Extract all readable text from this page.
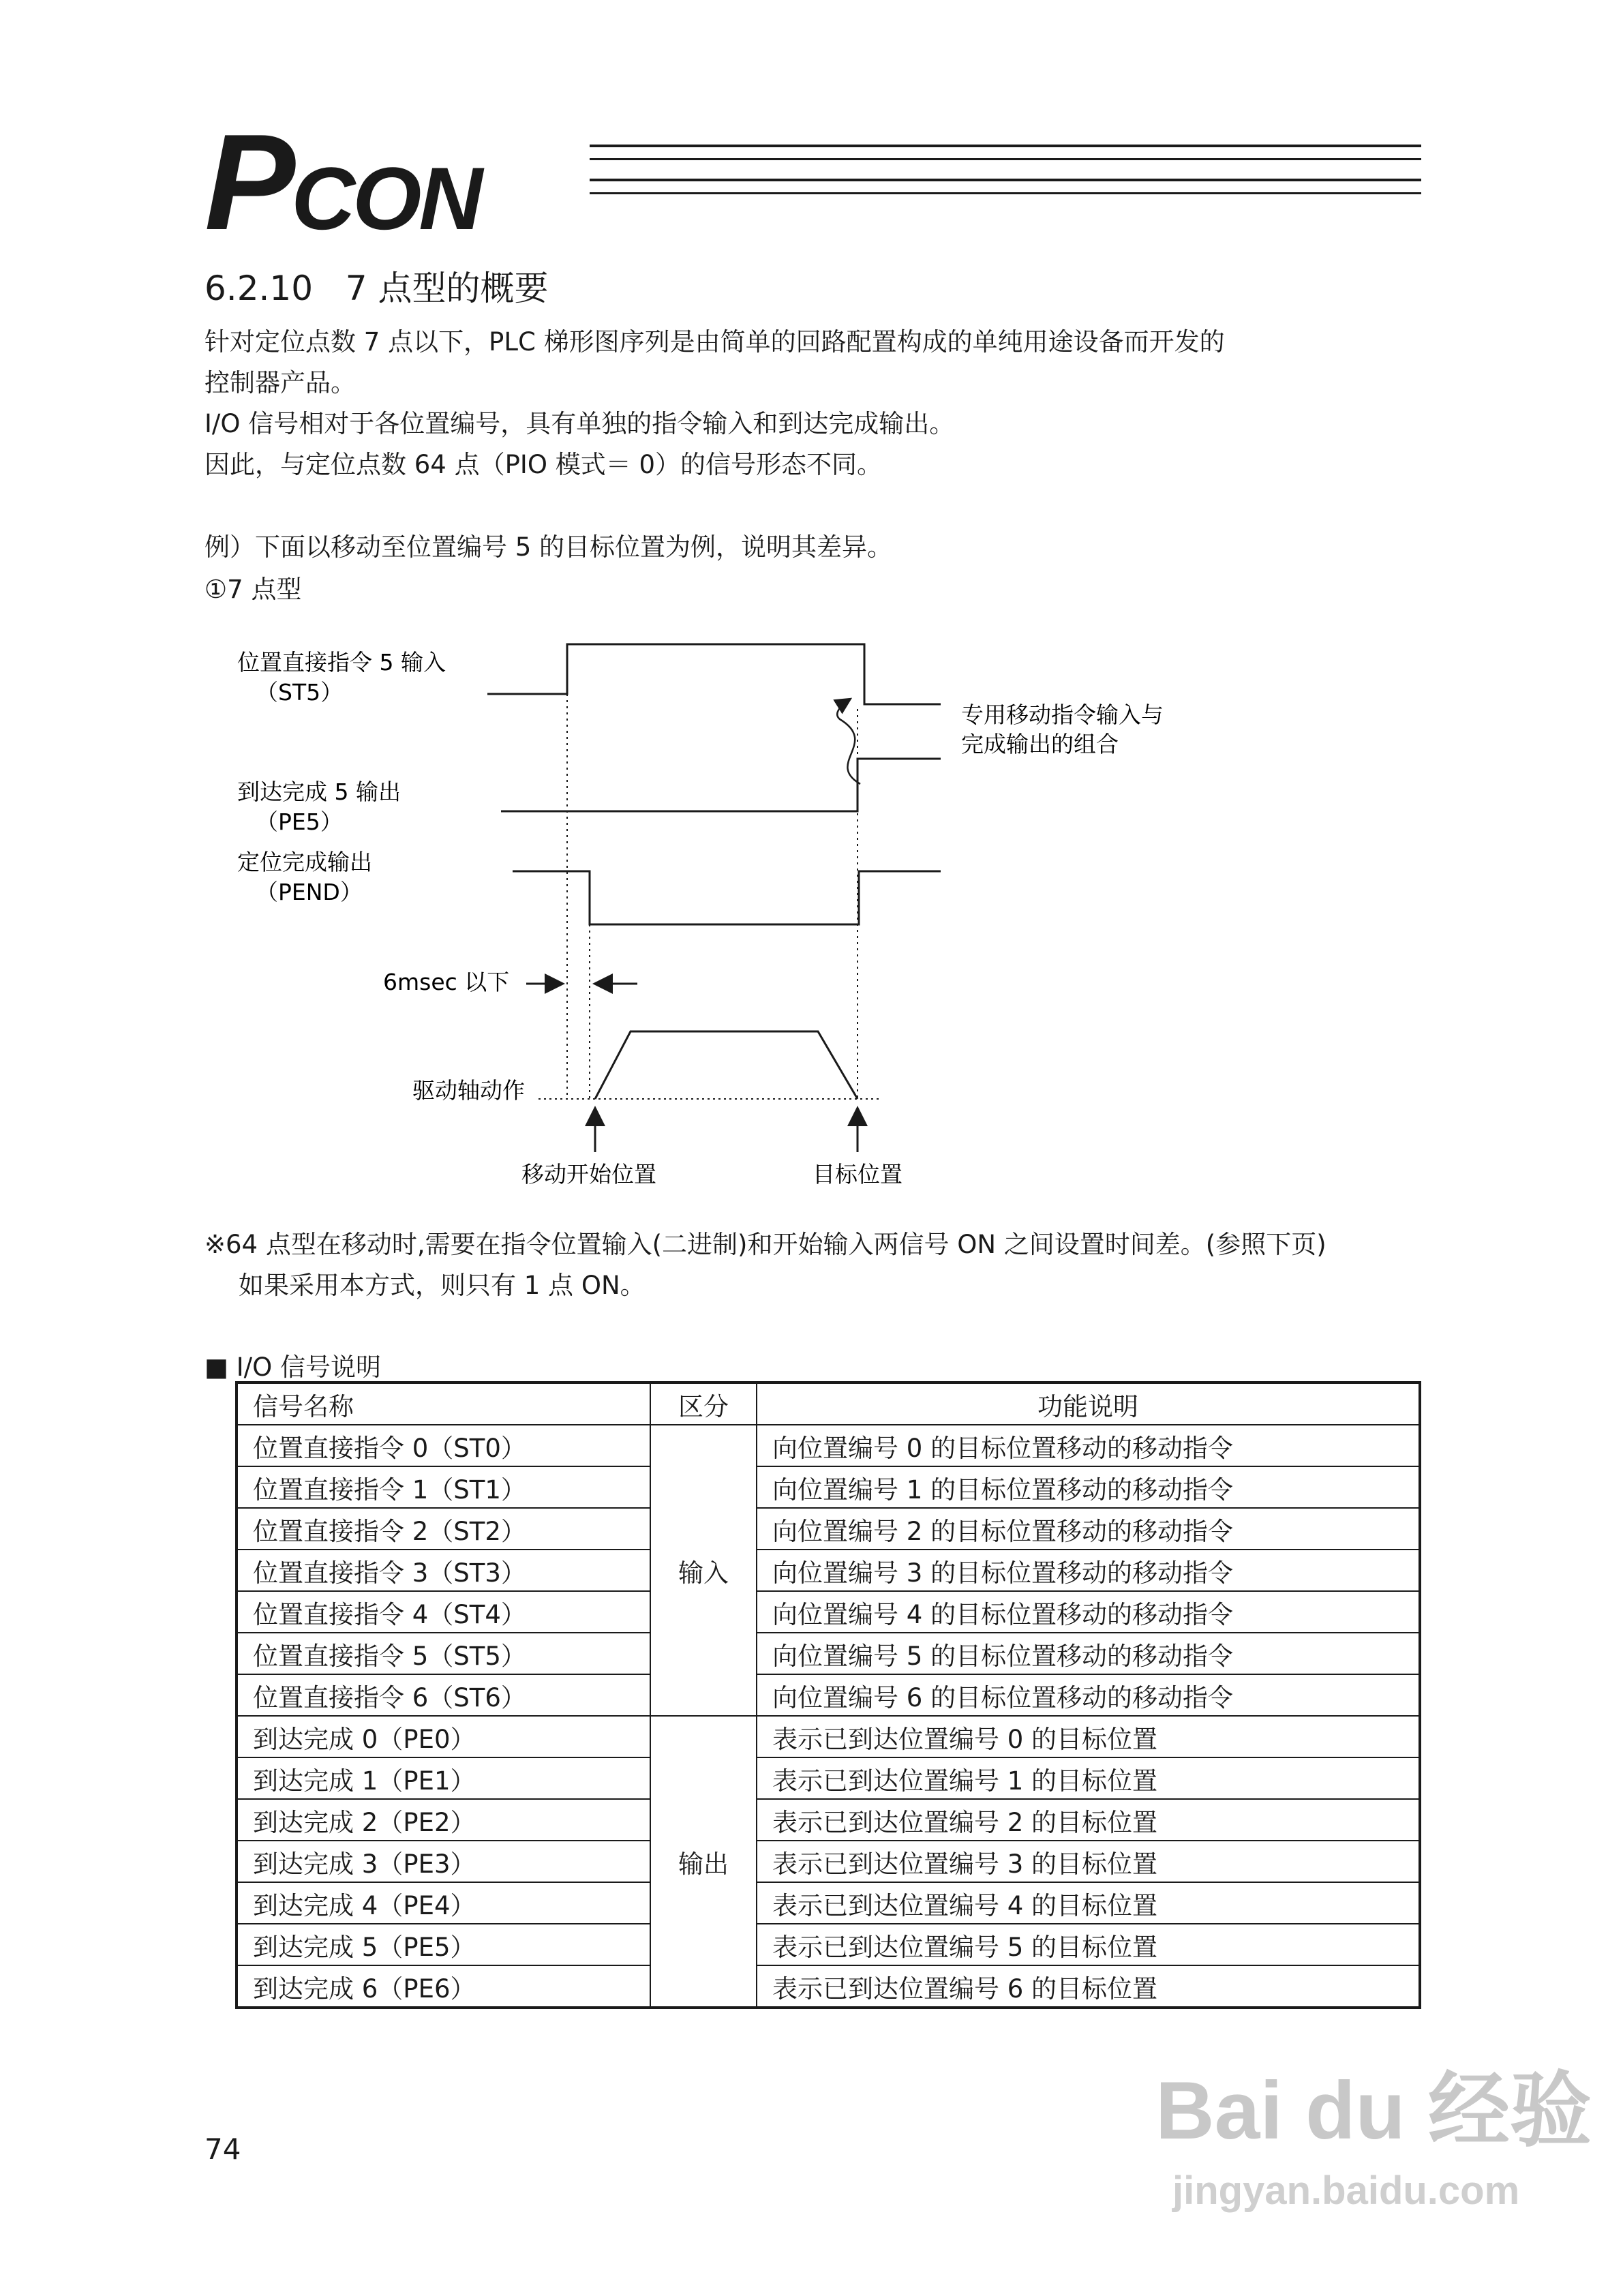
PCON
6.2.10 7 点型的概要
针对定位点数 7 点以下，PLC 梯形图序列是由简单的回路配置构成的单纯用途设备而开发的
控制器产品。
I/O 信号相对于各位置编号，具有单独的指令输入和到达完成输出。
因此，与定位点数 64 点（PIO 模式＝ 0）的信号形态不同。
例）下面以移动至位置编号 5 的目标位置为例，说明其差异。
①7 点型
位置直接指令 5 输入
（ST5）
到达完成 5 输出
（PE5）
定位完成输出
（PEND）
6msec 以下
驱动轴动作
移动开始位置	目标位置
专用移动指令输入与
完成输出的组合
※64 点型在移动时,需要在指令位置输入(二进制)和开始输入两信号 ON 之间设置时间差。(参照下页)
如果采用本方式，则只有 1 点 ON。
■ I/O 信号说明
信号名称	区分	功能说明
位置直接指令 0（ST0）	输入	向位置编号 0 的目标位置移动的移动指令
位置直接指令 1（ST1）		向位置编号 1 的目标位置移动的移动指令
位置直接指令 2（ST2）		向位置编号 2 的目标位置移动的移动指令
位置直接指令 3（ST3）		向位置编号 3 的目标位置移动的移动指令
位置直接指令 4（ST4）		向位置编号 4 的目标位置移动的移动指令
位置直接指令 5（ST5）		向位置编号 5 的目标位置移动的移动指令
位置直接指令 6（ST6）		向位置编号 6 的目标位置移动的移动指令
到达完成 0（PE0）	输出	表示已到达位置编号 0 的目标位置
到达完成 1（PE1）		表示已到达位置编号 1 的目标位置
到达完成 2（PE2）		表示已到达位置编号 2 的目标位置
到达完成 3（PE3）		表示已到达位置编号 3 的目标位置
到达完成 4（PE4）		表示已到达位置编号 4 的目标位置
到达完成 5（PE5）		表示已到达位置编号 5 的目标位置
到达完成 6（PE6）		表示已到达位置编号 6 的目标位置
74	Bai du 经验
jingyan.baidu.com
